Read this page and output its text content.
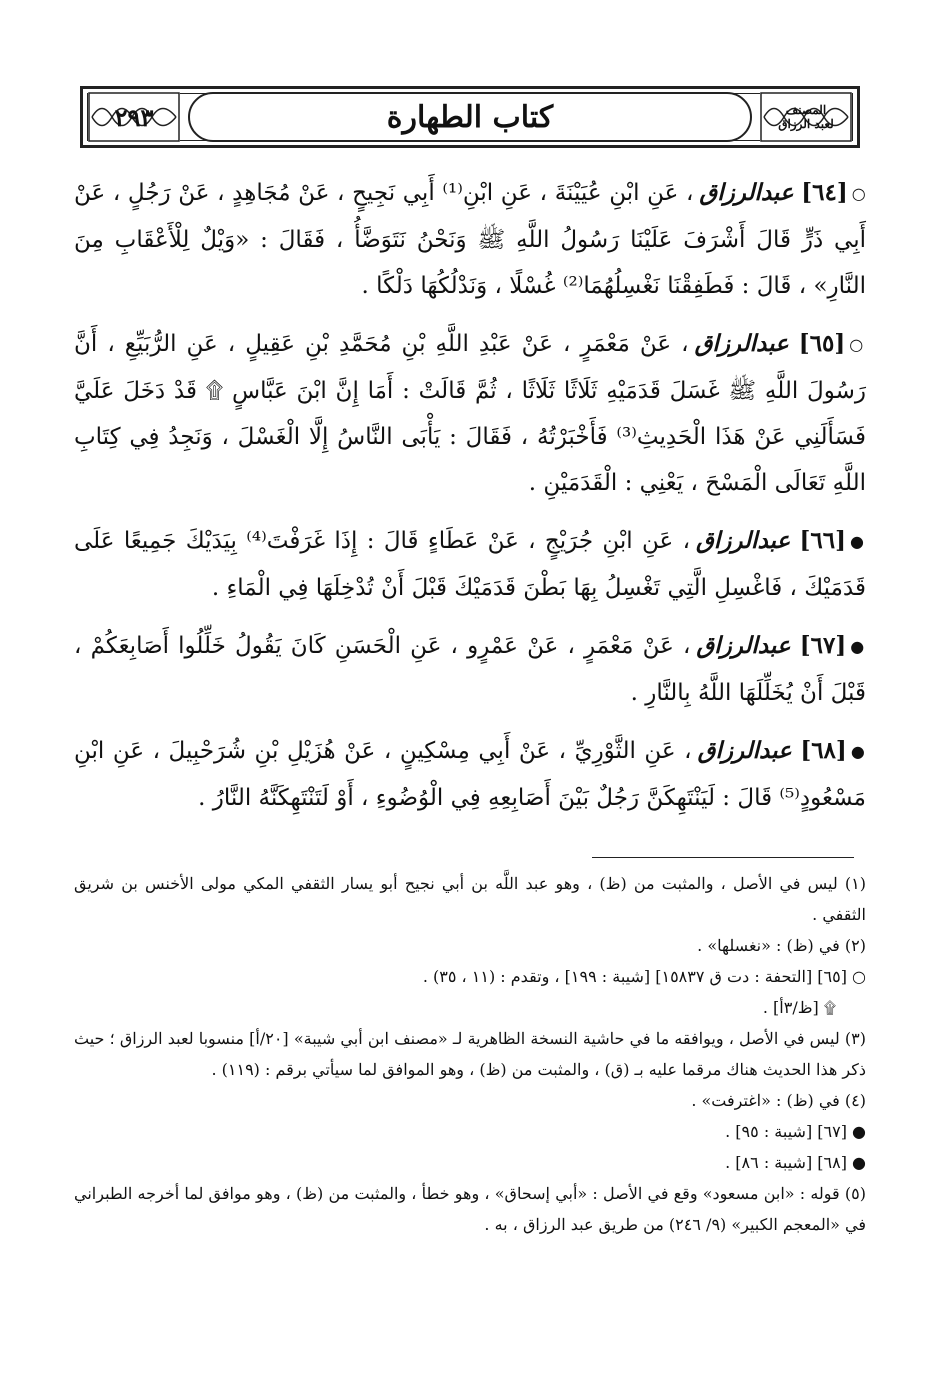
٢٩٣	كتاب الطهارة	المصنف
لعبد الرزاق
○[٦٤] عبدالرزاق، عَنِ ابْنِ عُيَيْنَةَ ، عَنِ ابْنِ⁽¹⁾ أَبِي نَجِيحٍ ، عَنْ مُجَاهِدٍ ، عَنْ رَجُلٍ ، عَنْ أَبِي ذَرٍّ قَالَ أَشْرَفَ عَلَيْنَا رَسُولُ اللَّهِ ﷺ وَنَحْنُ نَتَوَضَّأُ ، فَقَالَ : «وَيْلٌ لِلْأَعْقَابِ مِنَ النَّارِ» ، قَالَ : فَطَفِقْنَا نَغْسِلُهُمَا⁽²⁾ غُسْلًا ، وَنَدْلُكُهَا دَلْكًا .
○[٦٥] عبدالرزاق، عَنْ مَعْمَرٍ ، عَنْ عَبْدِ اللَّهِ بْنِ مُحَمَّدِ بْنِ عَقِيلٍ ، عَنِ الرُّبَيِّعِ ، أَنَّ رَسُولَ اللَّهِ ﷺ غَسَلَ قَدَمَيْهِ ثَلَاثًا ثَلَاثًا ، ثُمَّ قَالَتْ : أَمَا إِنَّ ابْنَ عَبَّاسٍ ۩ قَدْ دَخَلَ عَلَيَّ فَسَأَلَنِي عَنْ هَذَا الْحَدِيثِ⁽³⁾ فَأَخْبَرْتُهُ ، فَقَالَ : يَأْبَى النَّاسُ إِلَّا الْغَسْلَ ، وَنَجِدُ فِي كِتَابِ اللَّهِ تَعَالَى الْمَسْحَ ، يَعْنِي : الْقَدَمَيْنِ .
●[٦٦] عبدالرزاق، عَنِ ابْنِ جُرَيْجٍ ، عَنْ عَطَاءٍ قَالَ : إِذَا غَرَفْتَ⁽⁴⁾ بِيَدَيْكَ جَمِيعًا عَلَى قَدَمَيْكَ ، فَاغْسِلِ الَّتِي تَغْسِلُ بِهَا بَطْنَ قَدَمَيْكَ قَبْلَ أَنْ تُدْخِلَهَا فِي الْمَاءِ .
●[٦٧] عبدالرزاق، عَنْ مَعْمَرٍ ، عَنْ عَمْرٍو ، عَنِ الْحَسَنِ كَانَ يَقُولُ خَلِّلُوا أَصَابِعَكُمْ ، قَبْلَ أَنْ يُخَلِّلَهَا اللَّهُ بِالنَّارِ .
●[٦٨] عبدالرزاق، عَنِ الثَّوْرِيِّ ، عَنْ أَبِي مِسْكِينٍ ، عَنْ هُزَيْلِ بْنِ شُرَحْبِيلَ ، عَنِ ابْنِ مَسْعُودٍ⁽⁵⁾ قَالَ : لَيَنْتَهِكَنَّ رَجُلٌ بَيْنَ أَصَابِعِهِ فِي الْوُضُوءِ ، أَوْ لَتَنْتَهِكَنَّهُ النَّارُ .
(١) ليس في الأصل ، والمثبت من (ظ) ، وهو عبد اللَّه بن أبي نجيح أبو يسار الثقفي المكي مولى الأخنس بن شريق الثقفي .
(٢) في (ظ) : «نغسلها» .
○ [٦٥] [التحفة : دت ق ١٥٨٣٧] [شيبة : ١٩٩] ، وتقدم : (١١ ، ٣٥) .
۩ [ظ/٣أ] .
(٣) ليس في الأصل ، ويوافقه ما في حاشية النسخة الظاهرية لـ «مصنف ابن أبي شيبة» [٢٠/أ] منسوبا لعبد الرزاق ؛ حيث ذكر هذا الحديث هناك مرقما عليه بـ (ق) ، والمثبت من (ظ) ، وهو الموافق لما سيأتي برقم : (١١٩) .
(٤) في (ظ) : «اغترفت» .
● [٦٧] [شيبة : ٩٥] .
● [٦٨] [شيبة : ٨٦] .
(٥) قوله : «ابن مسعود» وقع في الأصل : «أبي إسحاق» ، وهو خطأ ، والمثبت من (ظ) ، وهو موافق لما أخرجه الطبراني في «المعجم الكبير» (٩/ ٢٤٦) من طريق عبد الرزاق ، به .
